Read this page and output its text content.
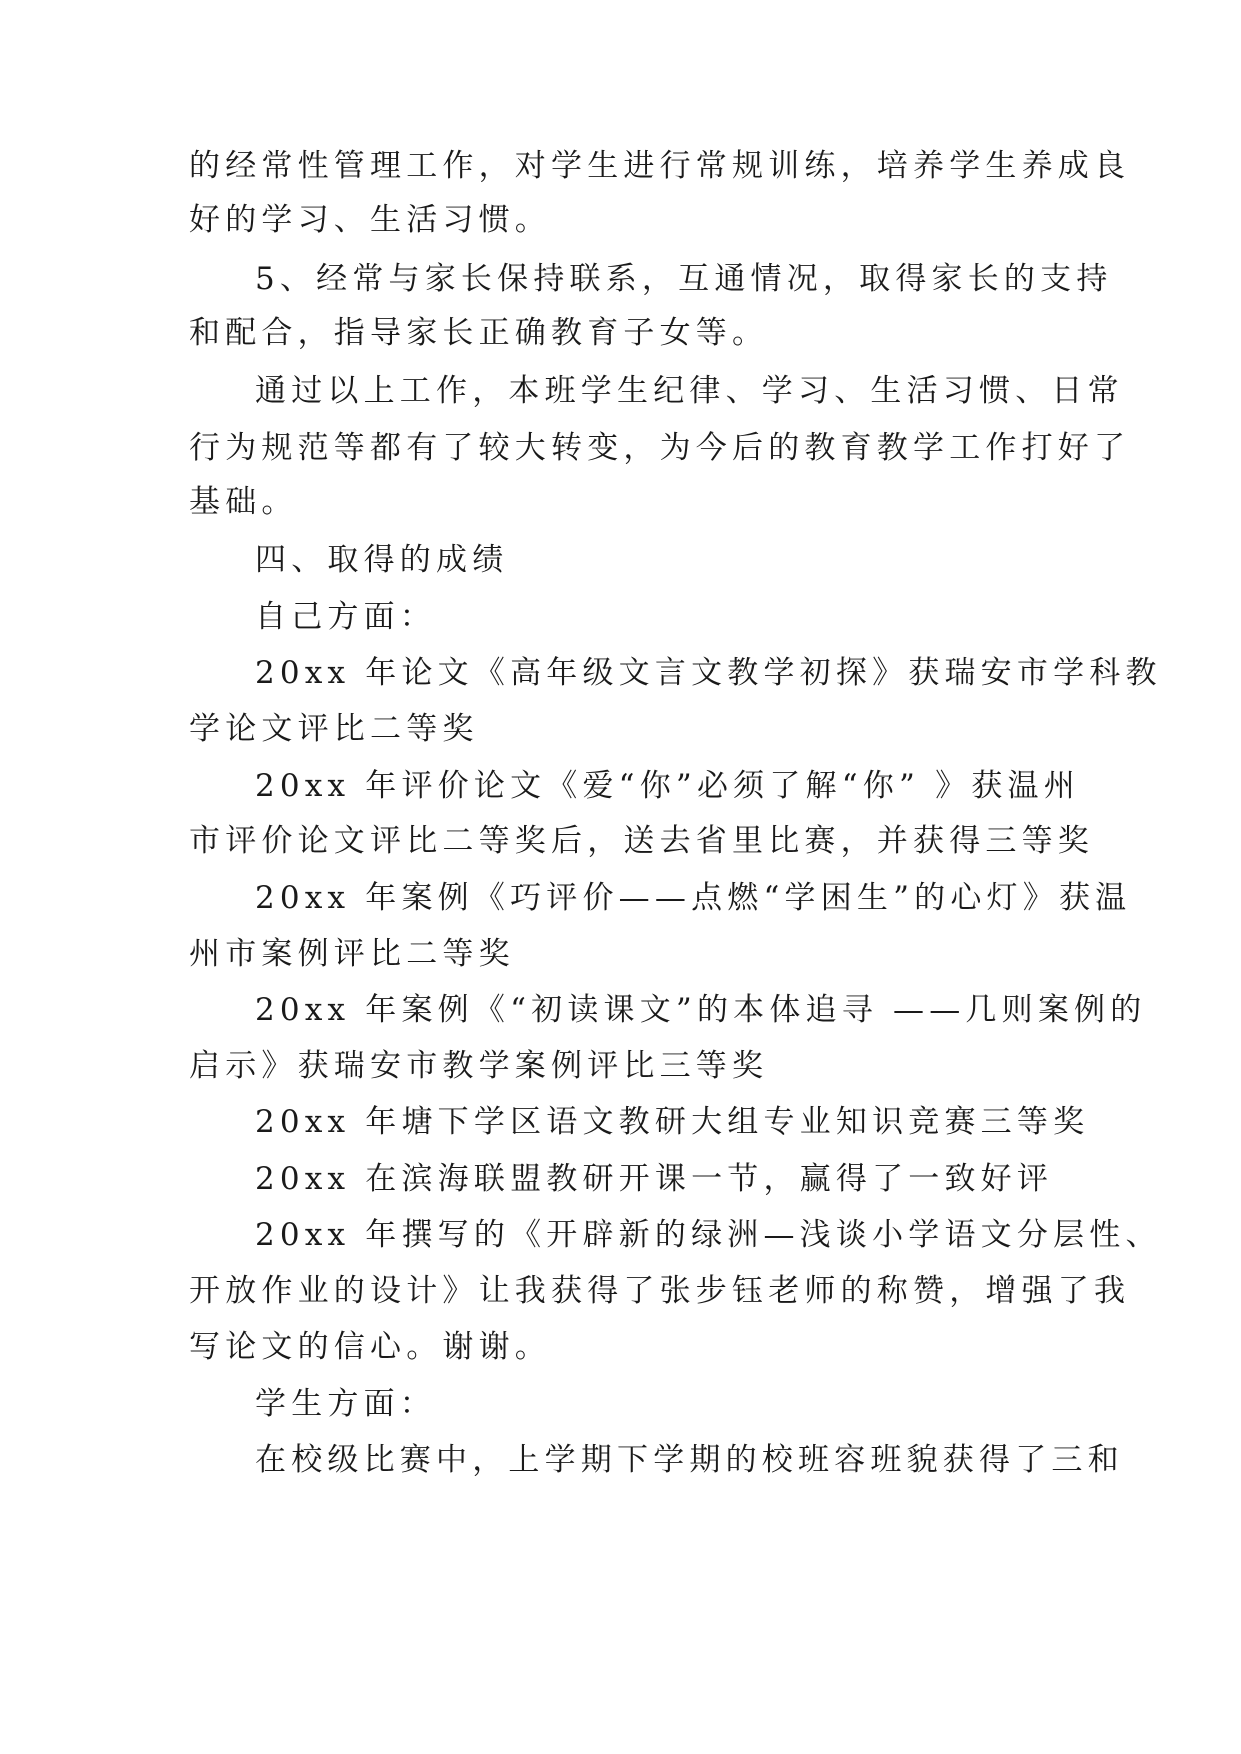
的经常性管理工作，对学生进行常规训练，培养学生养成良
好的学习、生活习惯。
5、经常与家长保持联系，互通情况，取得家长的支持
和配合，指导家长正确教育子女等。
通过以上工作，本班学生纪律、学习、生活习惯、日常
行为规范等都有了较大转变，为今后的教育教学工作打好了
基础。
四、取得的成绩
自己方面：
20xx 年论文《高年级文言文教学初探》获瑞安市学科教
学论文评比二等奖
20xx 年评价论文《爱“你”必须了解“你” 》获温州
市评价论文评比二等奖后，送去省里比赛，并获得三等奖
20xx 年案例《巧评价——点燃“学困生”的心灯》获温
州市案例评比二等奖
20xx 年案例《“初读课文”的本体追寻 ——几则案例的
启示》获瑞安市教学案例评比三等奖
20xx 年塘下学区语文教研大组专业知识竞赛三等奖
20xx 在滨海联盟教研开课一节，赢得了一致好评
20xx 年撰写的《开辟新的绿洲—浅谈小学语文分层性、
开放作业的设计》让我获得了张步钰老师的称赞，增强了我
写论文的信心。谢谢。
学生方面：
在校级比赛中，上学期下学期的校班容班貌获得了三和
